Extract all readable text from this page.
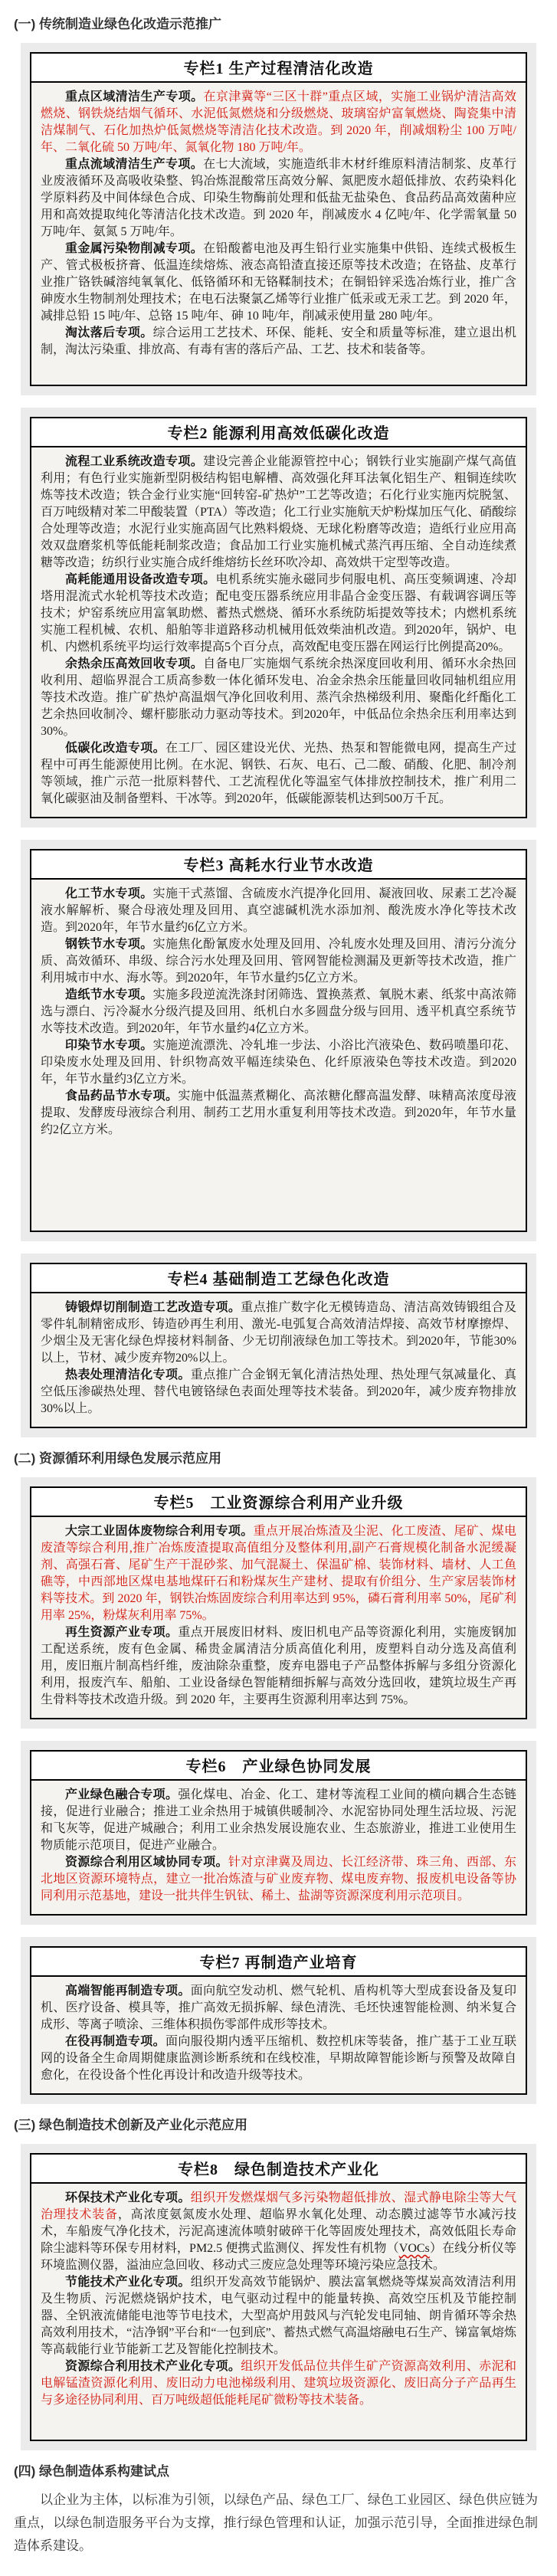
(一) 传统制造业绿色化改造示范推广
专栏1 生产过程清洁化改造

重点区域清洁生产专项。在京津冀等“三区十群”重点区域，实施工业锅炉清洁高效燃烧、钢铁烧结烟气循环、水泥低氮燃烧和分级燃烧、玻璃窑炉富氧燃烧、陶瓷集中清洁煤制气、石化加热炉低氮燃烧等清洁化技术改造。到 2020 年，削减烟粉尘 100 万吨/年、二氧化硫 50 万吨/年、氮氧化物 180 万吨/年。

重点流域清洁生产专项。在七大流域，实施造纸非木材纤维原料清洁制浆、皮革行业废液循环及高吸收染整、钨冶炼混酸常压高效分解、氮肥废水超低排放、农药染料化学原料药及中间体绿色合成、印染生物酶前处理和低盐无盐染色、食品药品高效菌种应用和高效提取纯化等清洁化技术改造。到 2020 年，削减废水 4 亿吨/年、化学需氧量 50 万吨/年、氨氮 5 万吨/年。

重金属污染物削减专项。在铅酸蓄电池及再生铅行业实施集中供铅、连续式极板生产、管式极板挤膏、低温连续熔炼、液态高铅渣直接还原等技术改造；在铬盐、皮革行业推广铬铁碱溶纯氧氧化、低铬循环和无铬鞣制技术；在铜铅锌采选冶炼行业，推广含砷废水生物制剂处理技术；在电石法聚氯乙烯等行业推广低汞或无汞工艺。到 2020 年，减排总铅 15 吨/年、总铬 15 吨/年、砷 10 吨/年，削减汞使用量 280 吨/年。

淘汰落后专项。综合运用工艺技术、环保、能耗、安全和质量等标准，建立退出机制，淘汰污染重、排放高、有毒有害的落后产品、工艺、技术和装备等。

专栏2 能源利用高效低碳化改造

流程工业系统改造专项。建设完善企业能源管控中心；钢铁行业实施副产煤气高值利用；有色行业实施新型阴极结构铝电解槽、高效强化拜耳法氧化铝生产、粗铜连续吹炼等技术改造；铁合金行业实施“回转窑-矿热炉”工艺等改造；石化行业实施丙烷脱氢、百万吨级精对苯二甲酸装置（PTA）等改造；化工行业实施航天炉粉煤加压气化、硝酸综合处理等改造；水泥行业实施高固气比熟料煅烧、无球化粉磨等改造；造纸行业应用高效双盘磨浆机等低能耗制浆改造；食品加工行业实施机械式蒸汽再压缩、全自动连续煮糖等改造；纺织行业实施合成纤维熔纺长丝环吹冷却、高效烘干定型等改造。

高耗能通用设备改造专项。电机系统实施永磁同步伺服电机、高压变频调速、冷却塔用混流式水轮机等技术改造；配电变压器系统应用非晶合金变压器、有载调容调压等技术；炉窑系统应用富氧助燃、蓄热式燃烧、循环水系统防垢提效等技术；内燃机系统实施工程机械、农机、船舶等非道路移动机械用低效柴油机改造。到2020年，锅炉、电机、内燃机系统平均运行效率提高5个百分点，高效配电变压器在网运行比例提高20%。

余热余压高效回收专项。自备电厂实施烟气系统余热深度回收利用、循环水余热回收利用、超临界混合工质高参数一体化循环发电、冶金余热余压能量回收同轴机组应用等技术改造。推广矿热炉高温烟气净化回收利用、蒸汽余热梯级利用、聚酯化纤酯化工艺余热回收制冷、螺杆膨胀动力驱动等技术。到2020年，中低品位余热余压利用率达到30%。

低碳化改造专项。在工厂、园区建设光伏、光热、热泵和智能微电网，提高生产过程中可再生能源使用比例。在水泥、钢铁、石灰、电石、己二酸、硝酸、化肥、制冷剂等领域，推广示范一批原料替代、工艺流程优化等温室气体排放控制技术，推广利用二氧化碳驱油及制备塑料、干冰等。到2020年，低碳能源装机达到500万千瓦。

专栏3 高耗水行业节水改造

化工节水专项。实施干式蒸馏、含硫废水汽提净化回用、凝液回收、尿素工艺冷凝液水解解析、聚合母液处理及回用、真空滤碱机洗水添加剂、酸洗废水净化等技术改造。到2020年，年节水量约6亿立方米。

钢铁节水专项。实施焦化酚氰废水处理及回用、冷轧废水处理及回用、清污分流分质、高效循环、串级、综合污水处理及回用、管网智能检测漏及更新等技术改造，推广利用城市中水、海水等。到2020年，年节水量约5亿立方米。

造纸节水专项。实施多段逆流洗涤封闭筛选、置换蒸煮、氧脱木素、纸浆中高浓筛选与漂白、污冷凝水分级汽提及回用、纸机白水多圆盘分级与回用、透平机真空系统节水等技术改造。到2020年，年节水量约4亿立方米。

印染节水专项。实施逆流漂洗、冷轧堆一步法、小浴比汽液染色、数码喷墨印花、印染废水处理及回用、针织物高效平幅连续染色、化纤原液染色等技术改造。到2020年，年节水量约3亿立方米。

食品药品节水专项。实施中低温蒸煮糊化、高浓糖化醪高温发酵、味精高浓度母液提取、发酵废母液综合利用、制药工艺用水重复利用等技术改造。到2020年，年节水量约2亿立方米。

专栏4 基础制造工艺绿色化改造

铸锻焊切削制造工艺改造专项。重点推广数字化无模铸造岛、清洁高效铸锻组合及零件轧制精密成形、铸造砂再生利用、激光-电弧复合高效清洁焊接、高效节材摩擦焊、少烟尘及无害化绿色焊接材料制备、少无切削液绿色加工等技术。到2020年，节能30%以上，节材、减少废弃物20%以上。

热表处理清洁化专项。重点推广合金钢无氧化清洁热处理、热处理气氛减量化、真空低压渗碳热处理、替代电镀铬绿色表面处理等技术装备。到2020年，减少废弃物排放30%以上。

(二) 资源循环利用绿色发展示范应用
专栏5　工业资源综合利用产业升级

大宗工业固体废物综合利用专项。重点开展冶炼渣及尘泥、化工废渣、尾矿、煤电废渣等综合利用,推广冶炼废渣提取高值组分及整体利用,副产石膏规模化制备水泥缓凝剂、高强石膏、尾矿生产干混砂浆、加气混凝土、保温矿棉、装饰材料、墙材、人工鱼礁等，中西部地区煤电基地煤矸石和粉煤灰生产建材、提取有价组分、生产家居装饰材料等技术。到 2020 年，钢铁冶炼固废综合利用率达到 95%，磷石膏利用率 50%，尾矿利用率 25%，粉煤灰利用率 75%。

再生资源产业专项。重点开展废旧材料、废旧机电产品等资源化利用，实施废钢加工配送系统，废有色金属、稀贵金属清洁分质高值化利用，废塑料自动分选及高值利用，废旧瓶片制高档纤维，废油除杂重整，废弃电器电子产品整体拆解与多组分资源化利用，报废汽车、船舶、工业设备绿色智能精细拆解与高效分选回收，建筑垃圾生产再生骨料等技术改造升级。到 2020 年，主要再生资源利用率达到 75%。

专栏6　产业绿色协同发展

产业绿色融合专项。强化煤电、冶金、化工、建材等流程工业间的横向耦合生态链接，促进行业融合；推进工业余热用于城镇供暖制冷、水泥窑协同处理生活垃圾、污泥和飞灰等，促进产城融合；利用工业余热发展设施农业、生态旅游业，推进工业使用生物质能示范项目，促进产业融合。

资源综合利用区域协同专项。针对京津冀及周边、长江经济带、珠三角、西部、东北地区资源环境特点，建立一批冶炼渣与矿业废弃物、煤电废弃物、报废机电设备等协同利用示范基地，建设一批共伴生钒钛、稀土、盐湖等资源深度利用示范项目。

专栏7 再制造产业培育

高端智能再制造专项。面向航空发动机、燃气轮机、盾构机等大型成套设备及复印机、医疗设备、模具等，推广高效无损拆解、绿色清洗、毛坯快速智能检测、纳米复合成形、等离子喷涂、三维体积损伤零部件成形等技术。

在役再制造专项。面向服役期内透平压缩机、数控机床等装备，推广基于工业互联网的设备全生命周期健康监测诊断系统和在线校准，早期故障智能诊断与预警及故障自愈化，在役设备个性化再设计和改造升级等技术。

(三) 绿色制造技术创新及产业化示范应用
专栏8　绿色制造技术产业化

环保技术产业化专项。组织开发燃煤烟气多污染物超低排放、湿式静电除尘等大气治理技术装备，高浓度氨氮废水处理、超临界水氧化处理、动态膜过滤等节水减污技术，车船废气净化技术，污泥高速流体喷射破碎干化等固废处理技术，高效低阻长寿命除尘滤料等环保专用材料，PM2.5 便携式监测仪、挥发性有机物（VOCs）在线分析仪等环境监测仪器，溢油应急回收、移动式三废应急处理等环境污染应急技术。

节能技术产业化专项。组织开发高效节能锅炉、膜法富氧燃烧等煤炭高效清洁利用及生物质、污泥燃烧锅炉技术，电气驱动过程中的能量转换、高效空压机及节能控制器、全钒液流储能电池等节电技术，大型高炉用鼓风与汽轮发电同轴、朗肯循环等余热高效利用技术，“洁净钢”平台和“一包到底”、蓄热式燃气高温熔融电石生产、锑富氧熔炼等高载能行业节能新工艺及智能化控制技术。

资源综合利用技术产业化专项。组织开发低品位共伴生矿产资源高效利用、赤泥和电解锰渣资源化利用、废旧动力电池梯级利用、建筑垃圾资源化、废旧高分子产品再生与多途径协同利用、百万吨级超低能耗尾矿微粉等技术装备。

(四) 绿色制造体系构建试点

以企业为主体，以标准为引领，以绿色产品、绿色工厂、绿色工业园区、绿色供应链为重点，以绿色制造服务平台为支撑，推行绿色管理和认证，加强示范引导，全面推进绿色制造体系建设。
